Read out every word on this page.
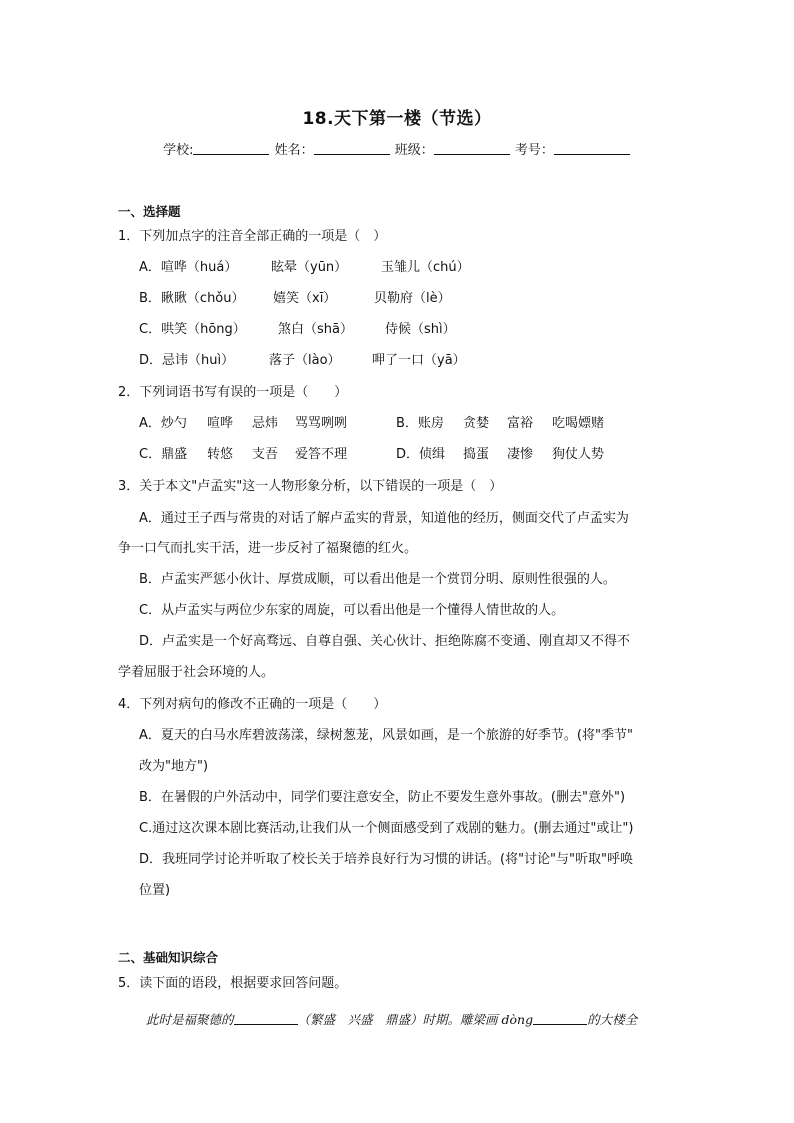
18.天下第一楼（节选）
学校:	姓名：	班级：	考号：
一、选择题
1．下列加点字的注音全部正确的一项是（　）
A．喧哗（huá）	眩晕（yūn）	玉雏儿（chú）
B．瞅瞅（chǒu） 嬉笑（xī）	贝勒府（lè）
C．哄笑（hōng） 煞白（shā） 侍候（shì）
D．忌讳（huì）	落子（lào） 呷了一口（yā）
2．下列词语书写有误的一项是（　　）
A．炒勺 喧哗 忌炜 骂骂咧咧	B．账房 贪婪 富裕 吃喝嫖赌
C．鼎盛 转悠 支吾 爱答不理	D．侦缉 捣蛋 凄惨 狗仗人势
3．关于本文"卢孟实"这一人物形象分析，以下错误的一项是（　）
A．通过王子西与常贵的对话了解卢孟实的背景，知道他的经历，侧面交代了卢孟实为
争一口气而扎实干活，进一步反衬了福聚德的红火。
B．卢孟实严惩小伙计、厚赏成顺，可以看出他是一个赏罚分明、原则性很强的人。
C．从卢孟实与两位少东家的周旋，可以看出他是一个懂得人情世故的人。
D．卢孟实是一个好高骛远、自尊自强、关心伙计、拒绝陈腐不变通、刚直却又不得不
学着屈服于社会环境的人。
4．下列对病句的修改不正确的一项是（　　）
A．夏天的白马水库碧波荡漾，绿树葱茏，风景如画，是一个旅游的好季节。(将"季节"
改为"地方")
B．在暑假的户外活动中，同学们要注意安全，防止不要发生意外事故。(删去"意外")
C.通过这次课本剧比赛活动,让我们从一个侧面感受到了戏剧的魅力。(删去通过"或让")
D．我班同学讨论并听取了校长关于培养良好行为习惯的讲话。(将"讨论"与"听取"呼唤
位置)
二、基础知识综合
5．读下面的语段，根据要求回答问题。
此时是福聚德的	（繁盛　兴盛　鼎盛）时期。雕梁画 dòng	的大楼全
